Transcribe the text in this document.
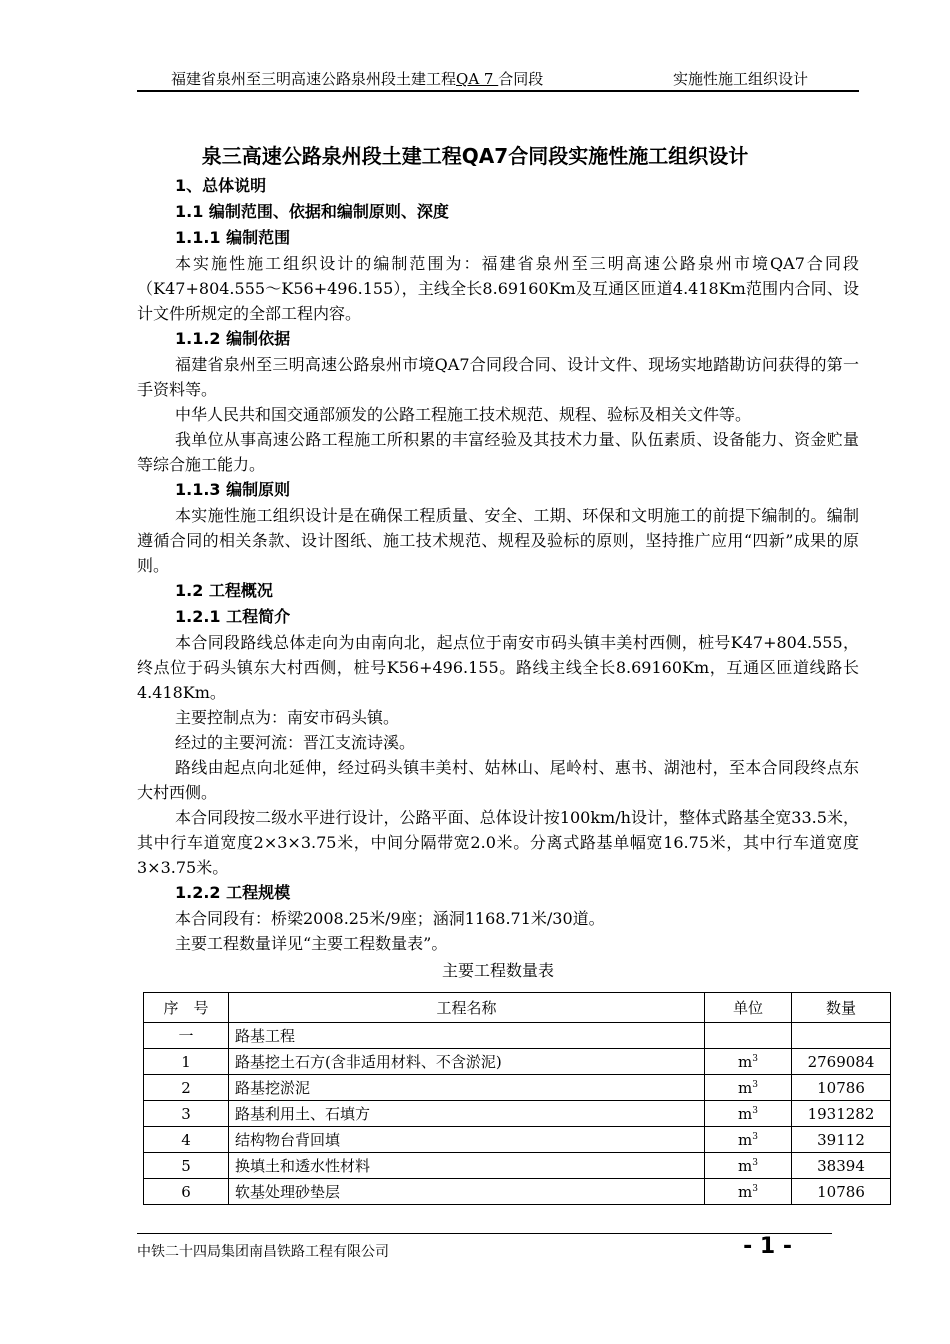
福建省泉州至三明高速公路泉州段土建工程QA 7 合同段	实施性施工组织设计
泉三高速公路泉州段土建工程QA7合同段实施性施工组织设计
1、总体说明
1.1 编制范围、依据和编制原则、深度
1.1.1 编制范围
本实施性施工组织设计的编制范围为：福建省泉州至三明高速公路泉州市境QA7合同段（K47+804.555～K56+496.155），主线全长8.69160Km及互通区匝道4.418Km范围内合同、设计文件所规定的全部工程内容。
1.1.2 编制依据
福建省泉州至三明高速公路泉州市境QA7合同段合同、设计文件、现场实地踏勘访问获得的第一手资料等。
中华人民共和国交通部颁发的公路工程施工技术规范、规程、验标及相关文件等。
我单位从事高速公路工程施工所积累的丰富经验及其技术力量、队伍素质、设备能力、资金贮量等综合施工能力。
1.1.3 编制原则
本实施性施工组织设计是在确保工程质量、安全、工期、环保和文明施工的前提下编制的。编制遵循合同的相关条款、设计图纸、施工技术规范、规程及验标的原则，坚持推广应用“四新”成果的原则。
1.2 工程概况
1.2.1 工程简介
本合同段路线总体走向为由南向北，起点位于南安市码头镇丰美村西侧，桩号K47+804.555，终点位于码头镇东大村西侧，桩号K56+496.155。路线主线全长8.69160Km，互通区匝道线路长4.418Km。
主要控制点为：南安市码头镇。
经过的主要河流：晋江支流诗溪。
路线由起点向北延伸，经过码头镇丰美村、姑林山、尾岭村、惠书、湖池村，至本合同段终点东大村西侧。
本合同段按二级水平进行设计，公路平面、总体设计按100km/h设计，整体式路基全宽33.5米，其中行车道宽度2×3×3.75米，中间分隔带宽2.0米。分离式路基单幅宽16.75米，其中行车道宽度3×3.75米。
1.2.2 工程规模
本合同段有：桥梁2008.25米/9座；涵洞1168.71米/30道。
主要工程数量详见“主要工程数量表”。
主要工程数量表
序　号	工程名称	单位	数量
一	路基工程		
1	路基挖土石方(含非适用材料、不含淤泥)	$m^3$	2769084
2	路基挖淤泥	$m^3$	10786
3	路基利用土、石填方	$m^3$	1931282
4	结构物台背回填	$m^3$	39112
5	换填土和透水性材料	$m^3$	38394
6	软基处理砂垫层	$m^3$	10786
中铁二十四局集团南昌铁路工程有限公司	- 1 -
